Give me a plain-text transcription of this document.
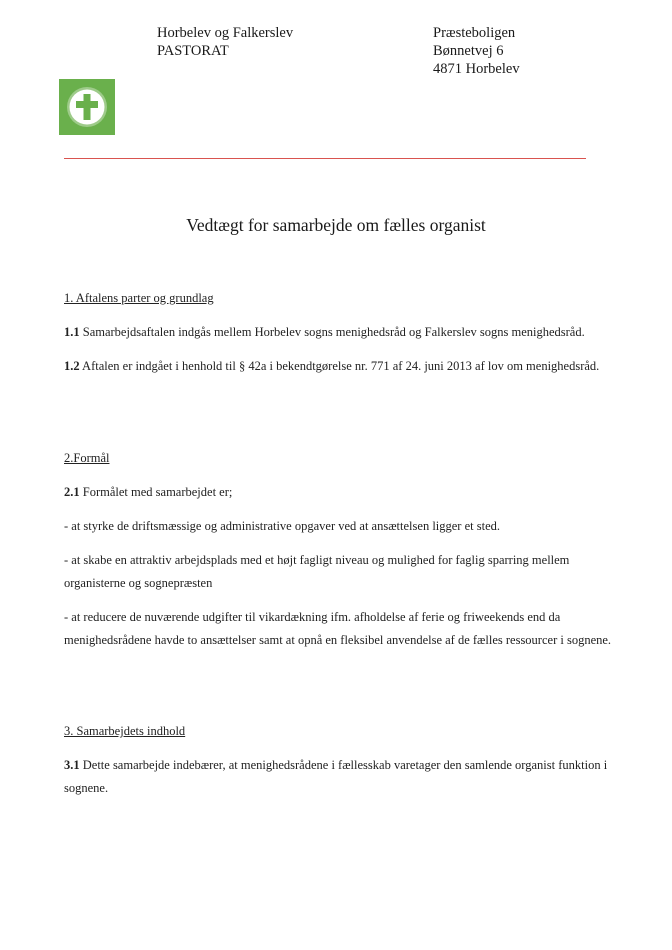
Horbelev og Falkerslev
PASTORAT
Præsteboligen
Bønnetvej 6
4871 Horbelev
Vedtægt for samarbejde om fælles organist
1. Aftalens parter og grundlag
1.1 Samarbejdsaftalen indgås mellem Horbelev sogns menighedsråd og Falkerslev sogns menighedsråd.
1.2 Aftalen er indgået i henhold til § 42a i bekendtgørelse nr. 771 af 24. juni 2013 af lov om menighedsråd.
2.Formål
2.1 Formålet med samarbejdet er;
- at styrke de driftsmæssige og administrative opgaver ved at ansættelsen ligger et sted.
- at skabe en attraktiv arbejdsplads med et højt fagligt niveau og mulighed for faglig sparring mellem organisterne og sognepræsten
- at reducere de nuværende udgifter til vikardækning ifm. afholdelse af ferie og friweekends end da menighedsrådene havde to ansættelser samt at opnå en fleksibel anvendelse af de fælles ressourcer i sognene.
3. Samarbejdets indhold
3.1 Dette samarbejde indebærer, at menighedsrådene i fællesskab varetager den samlende organist funktion i sognene.
